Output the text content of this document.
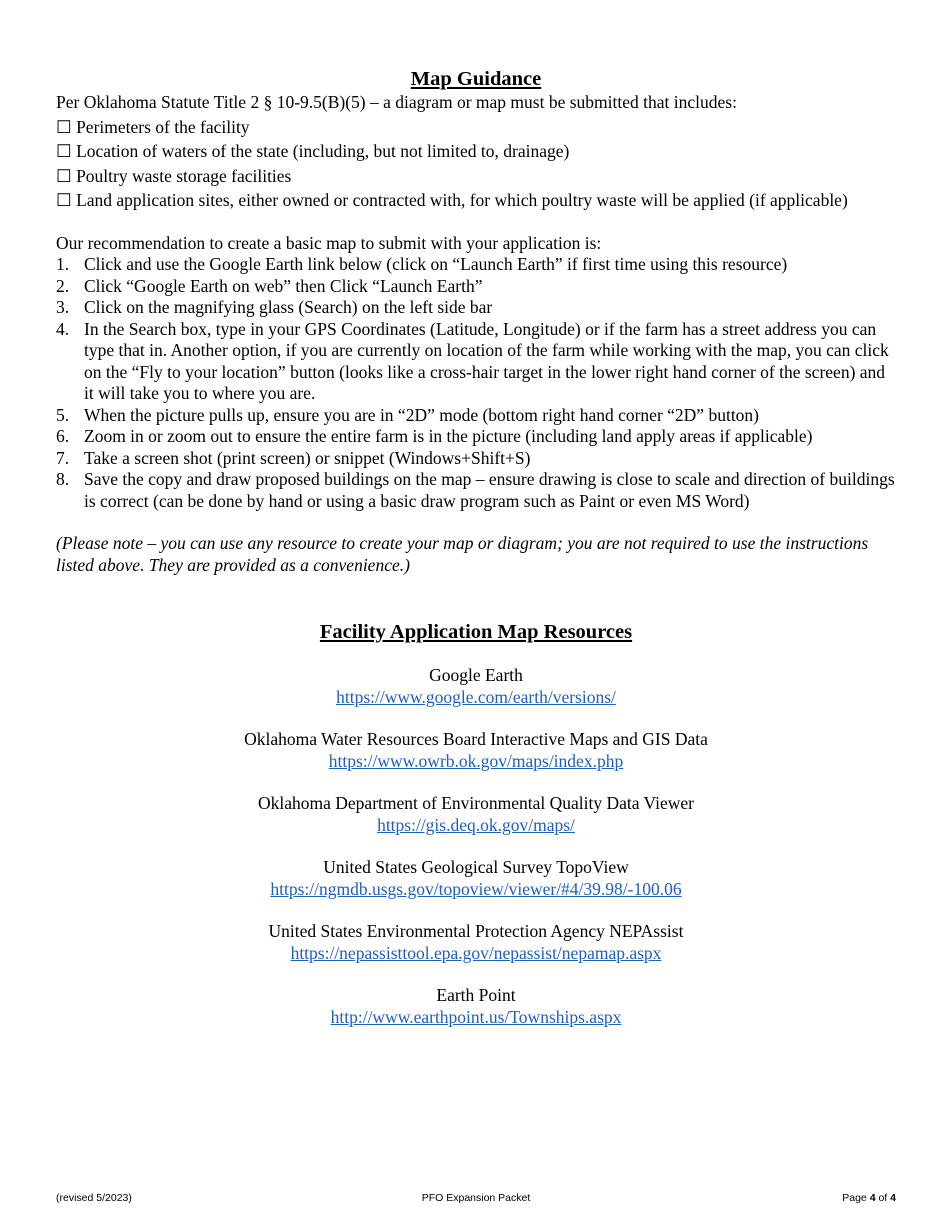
Map Guidance

Per Oklahoma Statute Title 2 § 10-9.5(B)(5) – a diagram or map must be submitted that includes:

☐ Perimeters of the facility
☐ Location of waters of the state (including, but not limited to, drainage)
☐ Poultry waste storage facilities
☐ Land application sites, either owned or contracted with, for which poultry waste will be applied (if applicable)

Our recommendation to create a basic map to submit with your application is:

1. Click and use the Google Earth link below (click on “Launch Earth” if first time using this resource)
2. Click “Google Earth on web” then Click “Launch Earth”
3. Click on the magnifying glass (Search) on the left side bar
4. In the Search box, type in your GPS Coordinates (Latitude, Longitude) or if the farm has a street address you can type that in. Another option, if you are currently on location of the farm while working with the map, you can click on the “Fly to your location” button (looks like a cross-hair target in the lower right hand corner of the screen) and it will take you to where you are.
5. When the picture pulls up, ensure you are in “2D” mode (bottom right hand corner “2D” button)
6. Zoom in or zoom out to ensure the entire farm is in the picture (including land apply areas if applicable)
7. Take a screen shot (print screen) or snippet (Windows+Shift+S)
8. Save the copy and draw proposed buildings on the map – ensure drawing is close to scale and direction of buildings is correct (can be done by hand or using a basic draw program such as Paint or even MS Word)

(Please note – you can use any resource to create your map or diagram; you are not required to use the instructions listed above. They are provided as a convenience.)

Facility Application Map Resources
Google Earth
https://www.google.com/earth/versions/
Oklahoma Water Resources Board Interactive Maps and GIS Data
https://www.owrb.ok.gov/maps/index.php
Oklahoma Department of Environmental Quality Data Viewer
https://gis.deq.ok.gov/maps/
United States Geological Survey TopoView
https://ngmdb.usgs.gov/topoview/viewer/#4/39.98/-100.06
United States Environmental Protection Agency NEPAssist
https://nepassisttool.epa.gov/nepassist/nepamap.aspx
Earth Point
http://www.earthpoint.us/Townships.aspx
PFO Expansion Packet
(revised 5/2023)	Page 4 of 4
